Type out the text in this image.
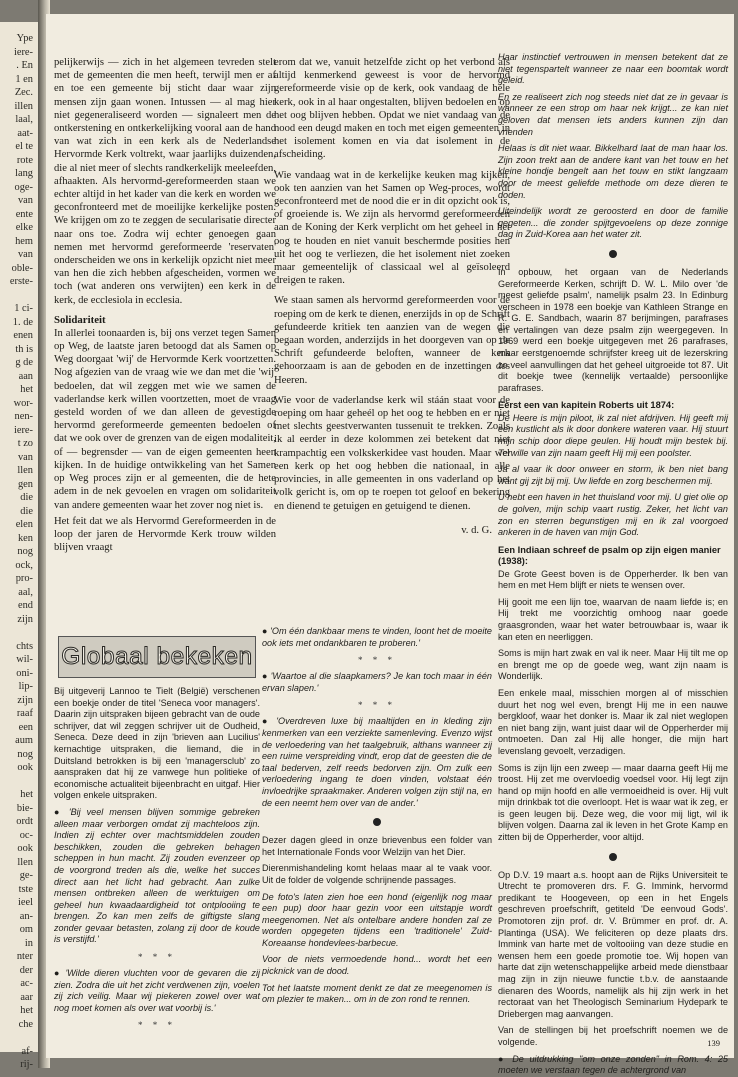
Ype
iere-
. En
1 en
Zec.
illen
laal,
aat-
el te
rote
lang
oge-
van
ente
elke
hem
van
oble-
erste-

1 ci-
1. de
enen
th is
g de
aan
het
wor-
nen-
iere-
t zo
van
llen
gen
die
die
elen
ken
nog
ock,
pro-
aal,
end
zijn

chts
wil-
oni-
lip-
zijn
raaf
een
aum
nog
ook

het
bie-
ordt
oc-
ook
llen
ge-
tste
ieel
an-
om
in
nter
der
ac-
aar
het
che

af-
rij-

pelijkerwijs — zich in het algemeen tevreden stelt met de gemeenten die men heeft, terwijl men er af en toe een gemeente bij sticht daar waar zijn mensen zijn gaan wonen. Intussen — al mag hier niet gegeneraliseerd worden — signaleert men de ontkerstening en ontkerkelijking vooral aan de hand van wat zich in een kerk als de Nederlandse Hervormde Kerk voltrekt, waar jaarlijks duizenden, die al niet meer of slechts randkerkelijk meeleefden, afhaakten. Als hervormd-gereformeerden staan we echter altijd in het kader van die kerk en worden we geconfronteerd met de moeilijke kerkelijke posten. We krijgen om zo te zeggen de secularisatie directer naar ons toe. Zodra wij echter genoegen gaan nemen met hervormd gereformeerde 'reservaten' onderscheiden we ons in kerkelijk opzicht niet meer van hen die zich hebben afgescheiden, vormen we toch (wat anderen ons verwijten) een kerk in de kerk, de ecclesiola in ecclesia.

Solidariteit

In allerlei toonaarden is, bij ons verzet tegen Samen op Weg, de laatste jaren betoogd dat als Samen op Weg doorgaat 'wij' de Hervormde Kerk voortzetten. Nog afgezien van de vraag wie we dan met die 'wij' bedoelen, dat wil zeggen met wie we samen de vaderlandse kerk willen voortzetten, moet de vraag gesteld worden of we dan alleen de gevestigde hervormd gereformeerde gemeenten bedoelen of dat we ook over de grenzen van de eigen modaliteit, of — begrensder — van de eigen gemeenten heen kijken. In de huidige ontwikkeling van het Samen op Weg proces zijn er al gemeenten, die de hete adem in de nek gevoelen en vragen om solidariteit van andere gemeenten waar het zover nog niet is.

Het feit dat we als Hervormd Gereformeerden in de loop der jaren de Hervormde Kerk trouw wilden blijven vraagt

erom dat we, vanuit hetzelfde zicht op het verbond als altijd kenmerkend geweest is voor de hervormd gereformeerde visie op de kerk, ook vandaag de héle kerk, ook in al haar ongestalten, blijven bedoelen en op het oog blijven hebben. Opdat we niet vandaag van de nood een deugd maken en toch met eigen gemeenten in het isolement komen en via dat isolement in de afscheiding.

Wie vandaag wat in de kerkelijke keuken mag kijken, ook ten aanzien van het Samen op Weg-proces, wordt geconfronteerd met de nood die er in dit opzicht ook is, of groeiende is. We zijn als hervormd gereformeerden aan de Koning der Kerk verplicht om het geheel in het oog te houden en niet vanuit beschermde posities hen uit het oog te verliezen, die het isolement niet zoeken maar gemeentelijk of classicaal wel al geïsoleerd dreigen te raken.

We staan samen als hervormd gereformeerden voor de roeping om de kerk te dienen, enerzijds in op de Schrift gefundeerde kritiek ten aanzien van de wegen die begaan worden, anderzijds in het doorgeven van op de Schrift gefundeerde beloften, wanneer de kerk gehoorzaam is aan de geboden en de inzettingen des Heeren.

Wie voor de vaderlandse kerk wil stáán staat voor de roeping om haar geheél op het oog te hebben en er niet met slechts geestverwanten tussenuit te trekken. Zoals ik al eerder in deze kolommen zei betekent dat niet krampachtig een volkskerkidee vast houden. Maar wel een kerk op het oog hebben die nationaal, in alle provincies, in alle gemeenten in ons vaderland op het volk gericht is, om op te roepen tot geloof en bekering en dienend te getuigen en getuigend te dienen.

v. d. G.
Globaal bekeken

Bij uitgeverij Lannoo te Tielt (België) verschenen een boekje onder de titel 'Seneca voor managers'. Daarin zijn uitspraken bijeen gebracht van de oude schrijver, dat wil zeggen schrijver uit de Oudheid, Seneca. Deze deed in zijn 'brieven aan Lucilius' kernachtige uitspraken, die liemand, die in Duitsland betrokken is bij een 'managersclub' zo aanspraken dat hij ze vanwege hun politieke of economische actualiteit bijeenbracht en uitgaf. Hier volgen enkele uitspraken.

● 'Bij veel mensen blijven sommige gebreken alleen maar verborgen omdat zij machteloos zijn. Indien zij echter over machtsmiddelen zouden beschikken, zouden die gebreken behagen scheppen in hun macht. Zij zouden evenzeer op de voorgrond treden als die, welke het succes direct aan het licht had gebracht. Aan zulke mensen ontbreken alleen de werktuigen om geheel hun kwaadaardigheid tot ontplooiing te brengen. Zo kan men zelfs de giftigste slang zonder gevaar betasten, zolang zij door de koude is verstijfd.'

* * *

● 'Wilde dieren vluchten voor de gevaren die zij zien. Zodra die uit het zicht verdwenen zijn, voelen zij zich veilig. Maar wij piekeren zowel over wat nog moet komen als over wat voorbij is.'

* * *

● 'Om één dankbaar mens te vinden, loont het de moeite ook iets met ondankbaren te proberen.'

* * *

● 'Waartoe al die slaapkamers? Je kan toch maar in één ervan slapen.'

* * *

● 'Overdreven luxe bij maaltijden en in kleding zijn kenmerken van een verziekte samenleving. Evenzo wijst de verloedering van het taalgebruik, althans wanneer zij een ruime verspreiding vindt, erop dat de geesten die de taal bederven, zelf reeds bedorven zijn. Om zulk een verloedering ingang te doen vinden, volstaat één invloedrijke spraakmaker. Anderen volgen zijn stijl na, en de een neemt hem over van de ander.'

Dezer dagen gleed in onze brievenbus een folder van het Internationale Fonds voor Welzijn van het Dier.

Dierenmishandeling komt helaas maar al te vaak voor. Uit de folder de volgende schrijnende passages.

De foto's laten zien hoe een hond (eigenlijk nog maar een pup) door haar gezin voor een uitstapje wordt meegenomen. Net als ontelbare andere honden zal ze worden opgegeten tijdens een 'traditionele' Zuid-Koreaanse hondevlees-barbecue.

Voor de niets vermoedende hond... wordt het een picknick van de dood.

Tot het laatste moment denkt ze dat ze meegenomen is om plezier te maken... om in de zon rond te rennen.

Haar instinctief vertrouwen in mensen betekent dat ze niet tegenspartelt wanneer ze naar een boomtak wordt geleid.

En ze realiseert zich nog steeds niet dat ze in gevaar is wanneer ze een strop om haar nek krijgt... ze kan niet geloven dat mensen iets anders kunnen zijn dan vrienden

Helaas is dit niet waar. Bikkelhard laat de man haar los. Zijn zoon trekt aan de andere kant van het touw en het kleine hondje bengelt aan het touw en stikt langzaam door de meest geliefde methode om deze dieren te doden.

Uiteindelijk wordt ze geroosterd en door de familie gegeten... die zonder spijtgevoelens op deze zonnige dag in Zuid-Korea aan het water zit.

In opbouw, het orgaan van de Nederlands Gereformeerde Kerken, schrijft D. W. L. Milo over 'de meest geliefde psalm', namelijk psalm 23. In Edinburg verscheen in 1978 een boekje van Kathleen Strange en R. G. E. Sandbach, waarin 87 berijmingen, parafrases en vertalingen van deze psalm zijn weergegeven. In 1969 werd een boekje uitgegeven met 26 parafrases, maar eerstgenoemde schrijfster kreeg uit de lezerskring zo veel aanvullingen dat het geheel uitgroeide tot 87. Uit dit boekje twee (kennelijk vertaalde) persoonlijke parafrases.

Eerst een van kapitein Roberts uit 1874:

De Heere is mijn piloot, ik zal niet afdrijven. Hij geeft mij een kustlicht als ik door donkere wateren vaar. Hij stuurt mijn schip door diepe geulen. Hij houdt mijn bestek bij. Terwille van zijn naam geeft Hij mij een poolster.

Ja al vaar ik door onweer en storm, ik ben niet bang want gij zijt bij mij. Uw liefde en zorg beschermen mij.

U hebt een haven in het thuisland voor mij. U giet olie op de golven, mijn schip vaart rustig. Zeker, het licht van zon en sterren begunstigen mij en ik zal voorgoed ankeren in de haven van mijn God.

Een Indiaan schreef de psalm op zijn eigen manier (1938):

De Grote Geest boven is de Opperherder. Ik ben van hem en met Hem blijft er niets te wensen over.

Hij gooit me een lijn toe, waarvan de naam liefde is; en Hij trekt me voorzichtig omhoog naar goede graasgronden, waar het water betrouwbaar is, waar ik kan eten en neerliggen.

Soms is mijn hart zwak en val ik neer. Maar Hij tilt me op en brengt me op de goede weg, want zijn naam is Wonderlijk.

Een enkele maal, misschien morgen al of misschien duurt het nog wel even, brengt Hij me in een nauwe bergkloof, waar het donker is. Maar ik zal niet weglopen en niet bang zijn, want juist daar wil de Opperherder mij ontmoeten. Dan zal Hij alle honger, die mijn hart levenslang gevoelt, verzadigen.

Soms is zijn lijn een zweep — maar daarna geeft Hij me troost. Hij zet me overvloedig voedsel voor. Hij legt zijn hand op mijn hoofd en alle vermoeidheid is over. Hij vult mijn drinkbak tot die overloopt. Het is waar wat ik zeg, er is geen leugen bij. Deze weg, die voor mij ligt, wil ik blijven volgen. Daarna zal ik leven in het Grote Kamp en zitten bij de Opperherder, voor altijd.

Op D.V. 19 maart a.s. hoopt aan de Rijks Universiteit te Utrecht te promoveren drs. F. G. Immink, hervormd predikant te Hoogeveen, op een in het Engels geschreven proefschrift, getiteld 'De eenvoud Gods'. Promotoren zijn prof. dr. V. Brümmer en prof. dr. A. Plantinga (USA). We feliciteren op deze plaats drs. Immink van harte met de voltooiing van deze studie en wensen hem een goede promotie toe. Wij hopen van harte dat zijn wetenschappelijke arbeid mede dienstbaar mag zijn in zijn nieuwe functie t.b.v. de aanstaande dienaren des Woords, namelijk als hij zijn werk in het rectoraat van het Theologisch Seminarium Hydepark te Driebergen mag aanvangen.

Van de stellingen bij het proefschrift noemen we de volgende.

● De uitdrukking "om onze zonden" in Rom. 4: 25 moeten we verstaan tegen de achtergrond van

139
